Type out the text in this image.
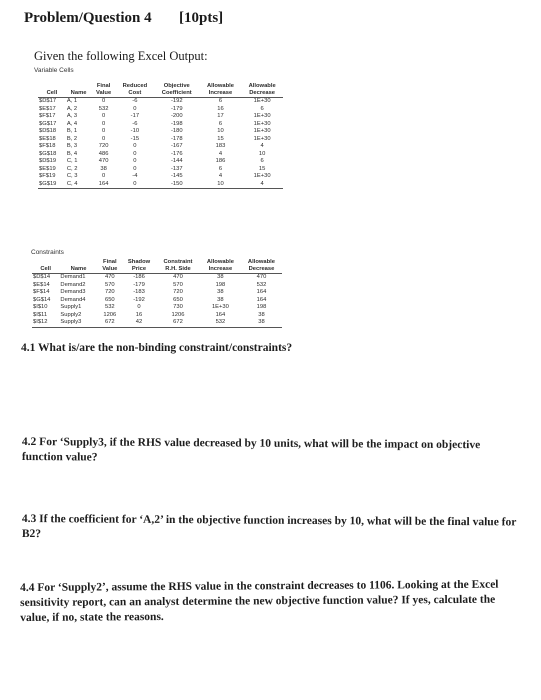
Problem/Question 4 [10pts]
Given the following Excel Output:
Variable Cells
		Final	Reduced	Objective	Allowable	Allowable
Cell	Name	Value	Cost	Coefficient	Increase	Decrease
$D$17	A, 1	0	-6	-192	6	1E+30
$E$17	A, 2	532	0	-179	16	6
$F$17	A, 3	0	-17	-200	17	1E+30
$G$17	A, 4	0	-6	-198	6	1E+30
$D$18	B, 1	0	-10	-180	10	1E+30
$E$18	B, 2	0	-15	-178	15	1E+30
$F$18	B, 3	720	0	-167	183	4
$G$18	B, 4	486	0	-176	4	10
$D$19	C, 1	470	0	-144	186	6
$E$19	C, 2	38	0	-137	6	15
$F$19	C, 3	0	-4	-145	4	1E+30
$G$19	C, 4	164	0	-150	10	4
Constraints
		Final	Shadow	Constraint	Allowable	Allowable
Cell	Name	Value	Price	R.H. Side	Increase	Decrease
$D$14	Demand1	470	-186	470	38	470
$E$14	Demand2	570	-179	570	198	532
$F$14	Demand3	720	-183	720	38	164
$G$14	Demand4	650	-192	650	38	164
$I$10	Supply1	532	0	730	1E+30	198
$I$11	Supply2	1206	16	1206	164	38
$I$12	Supply3	672	42	672	532	38
4.1 What is/are the non-binding constraint/constraints?
4.2 For ‘Supply3, if the RHS value decreased by 10 units, what will be the impact on objective function value?
4.3 If the coefficient for ‘A,2’ in the objective function increases by 10, what will be the final value for B2?
4.4 For ‘Supply2’, assume the RHS value in the constraint decreases to 1106. Looking at the Excel sensitivity report, can an analyst determine the new objective function value? If yes, calculate the value, if no, state the reasons.
